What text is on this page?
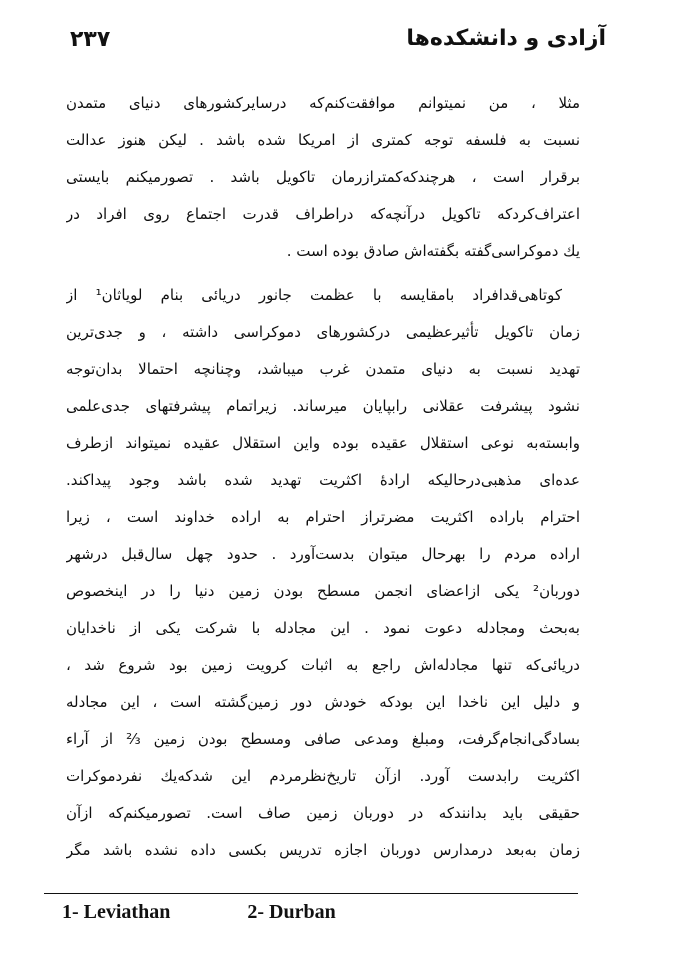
۲۳۷	آزادی و دانشکده‌ها
مثلا ، من نمیتوانم موافقت‌کنم‌که درسایرکشورهای دنیای متمدن
نسبت به فلسفه توجه کمتری از امریکا شده باشد . لیکن هنوز عدالت
برقرار است ، هرچندکه‌کمترازرمان تاکویل باشد . تصورمیکنم بایستی
اعتراف‌کردکه تاکویل درآنچه‌که دراطراف قدرت اجتماع روی افراد در
یك دموکراسی‌گفته بگفته‌اش صادق بوده است .
کوتاهی‌قدافراد بامقایسه با عظمت جانور دریائی بنام لویاثان¹ از
زمان تاکویل تأثیرعظیمی درکشورهای دموکراسی داشته ، و جدی‌ترین
تهدید نسبت به دنیای متمدن غرب میباشد، وچنانچه احتمالا بدان‌توجه
نشود پیشرفت عقلانی رابپایان میرساند. زیراتمام پیشرفتهای جدی‌علمی
وابسته‌به نوعی استقلال عقیده بوده واین استقلال عقیده نمیتواند ازطرف
عده‌ای مذهبی‌درحالیکه ارادهٔ اکثریت تهدید شده باشد وجود پیداکند.
احترام باراده اکثریت مضرتراز احترام به اراده خداوند است ، زیرا
اراده مردم را بهرحال میتوان بدست‌آورد . حدود چهل سال‌قبل درشهر
دوربان² یکی ازاعضای انجمن مسطح بودن زمین دنیا را در اینخصوص
به‌بحث ومجادله دعوت نمود . این مجادله با شرکت یکی از ناخدایان
دریائی‌که تنها مجادله‌اش راجع به اثبات کرویت زمین بود شروع شد ،
و دلیل این ناخدا این بودکه خودش دور زمین‌گشته است ، این مجادله
بسادگی‌انجام‌گرفت، ومبلغ ومدعی صافی ومسطح بودن زمین ⅔ از آراء
اکثریت رابدست آورد. ازآن تاریخ‌نظرمردم این شدکه‌یك نفردموکرات
حقیقی باید بدانندکه در دوربان زمین صاف است. تصورمیکنم‌که ازآن
زمان به‌بعد درمدارس دوربان اجازه تدریس بکسی داده نشده باشد مگر
1- Leviathan	2- Durban
